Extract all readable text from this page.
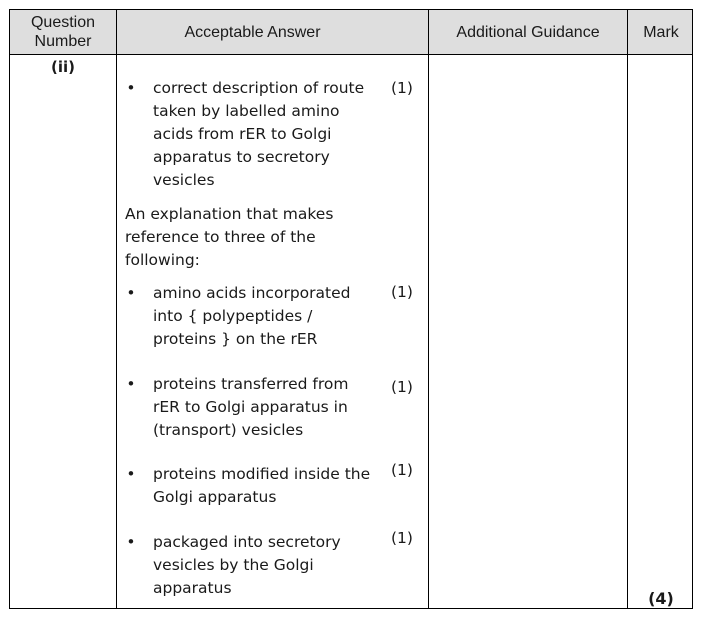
Question Number
Acceptable Answer	Additional Guidance	Mark
(ii)
• correct description of route taken by labelled amino acids from rER to Golgi apparatus to secretory vesicles
(1)
An explanation that makes reference to three of the following:
• amino acids incorporated into { polypeptides / proteins } on the rER
(1)
• proteins transferred from rER to Golgi apparatus in (transport) vesicles
(1)
• proteins modified inside the Golgi apparatus
(1)
• packaged into secretory vesicles by the Golgi apparatus
(1)
(4)
